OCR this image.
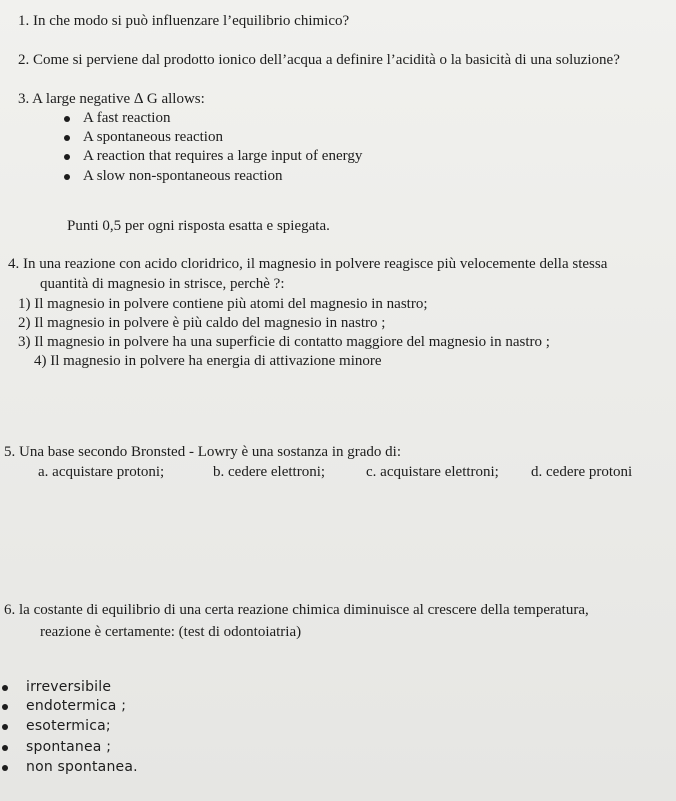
1. In che modo si può influenzare l’equilibrio chimico?
2. Come si perviene dal prodotto ionico dell’acqua a definire l’acidità o la basicità di una soluzione?
3. A large negative ∆ G allows:
A fast reaction
A spontaneous reaction
A reaction that requires a large input of energy
A slow non-spontaneous reaction
Punti 0,5 per ogni risposta esatta e spiegata.
4. In una reazione con acido cloridrico, il magnesio in polvere reagisce più velocemente della stessa
quantità di magnesio in strisce, perchè ?:
1) Il magnesio in polvere contiene più atomi del magnesio in nastro;
2) Il magnesio in polvere è più caldo del magnesio in nastro ;
3) Il magnesio in polvere ha una superficie di contatto maggiore del magnesio in nastro ;
4) Il magnesio in polvere ha energia di attivazione minore
5. Una base secondo Bronsted - Lowry è una sostanza in grado di:
a. acquistare protoni;	b. cedere elettroni;	c. acquistare elettroni; d. cedere protoni
6. la costante di equilibrio di una certa reazione chimica diminuisce al crescere della temperatura,
reazione è certamente: (test di odontoiatria)
irreversibile
endotermica ;
esotermica;
spontanea ;
non spontanea.
